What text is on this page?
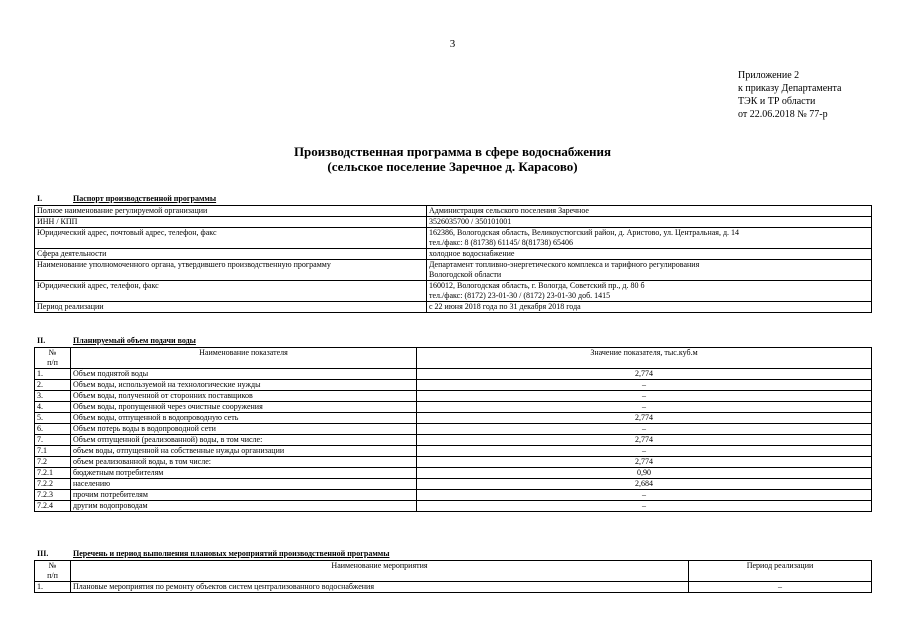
3
Приложение 2
к приказу Департамента
ТЭК и ТР области
от 22.06.2018 № 77-р
Производственная программа в сфере водоснабжения
(сельское поселение Заречное д. Карасово)
I.	Паспорт производственной программы
Полное наименование регулируемой организации	Администрация сельского поселения Заречное
ИНН / КПП	3526035700 / 350101001
Юридический адрес, почтовый адрес, телефон, факс	162386, Вологодская область, Великоустюгский район, д. Аристово, ул. Центральная, д. 14
тел./факс: 8 (81738) 61145/ 8(81738) 65406

Сфера деятельности	холодное водоснабжение
Наименование уполномоченного органа, утвердившего производственную программу	Департамент топливно-энергетического комплекса и тарифного регулирования
Вологодской области

Юридический адрес, телефон, факс	160012, Вологодская область, г. Вологда, Советский пр., д. 80 б
тел./факс: (8172) 23-01-30 / (8172) 23-01-30 доб. 1415

Период реализации	с 22 июня 2018 года по 31 декабря 2018 года
II.	Планируемый объем подачи воды
№
п/п	Наименование показателя	Значение показателя, тыс.куб.м
1.	Объем поднятой воды	2,774
2.	Объем воды, используемой на технологические нужды	–
3.	Объем воды, полученной от сторонних поставщиков	–
4.	Объем воды, пропущенной через очистные сооружения	–
5.	Объем воды, отпущенной в водопроводную сеть	2,774
6.	Объем потерь воды в водопроводной сети	–
7.	Объем отпущенной (реализованной) воды, в том числе:	2,774
7.1	объем воды, отпущенной на собственные нужды организации	–
7.2	объем реализованной воды, в том числе:	2,774
7.2.1	бюджетным потребителям	0,90
7.2.2	населению	2,684
7.2.3	прочим потребителям	–
7.2.4	другим водопроводам	–
III.	Перечень и период выполнения плановых мероприятий производственной программы
№
п/п	Наименование мероприятия	Период реализации
1.	Плановые мероприятия по ремонту объектов систем централизованного водоснабжения	–
